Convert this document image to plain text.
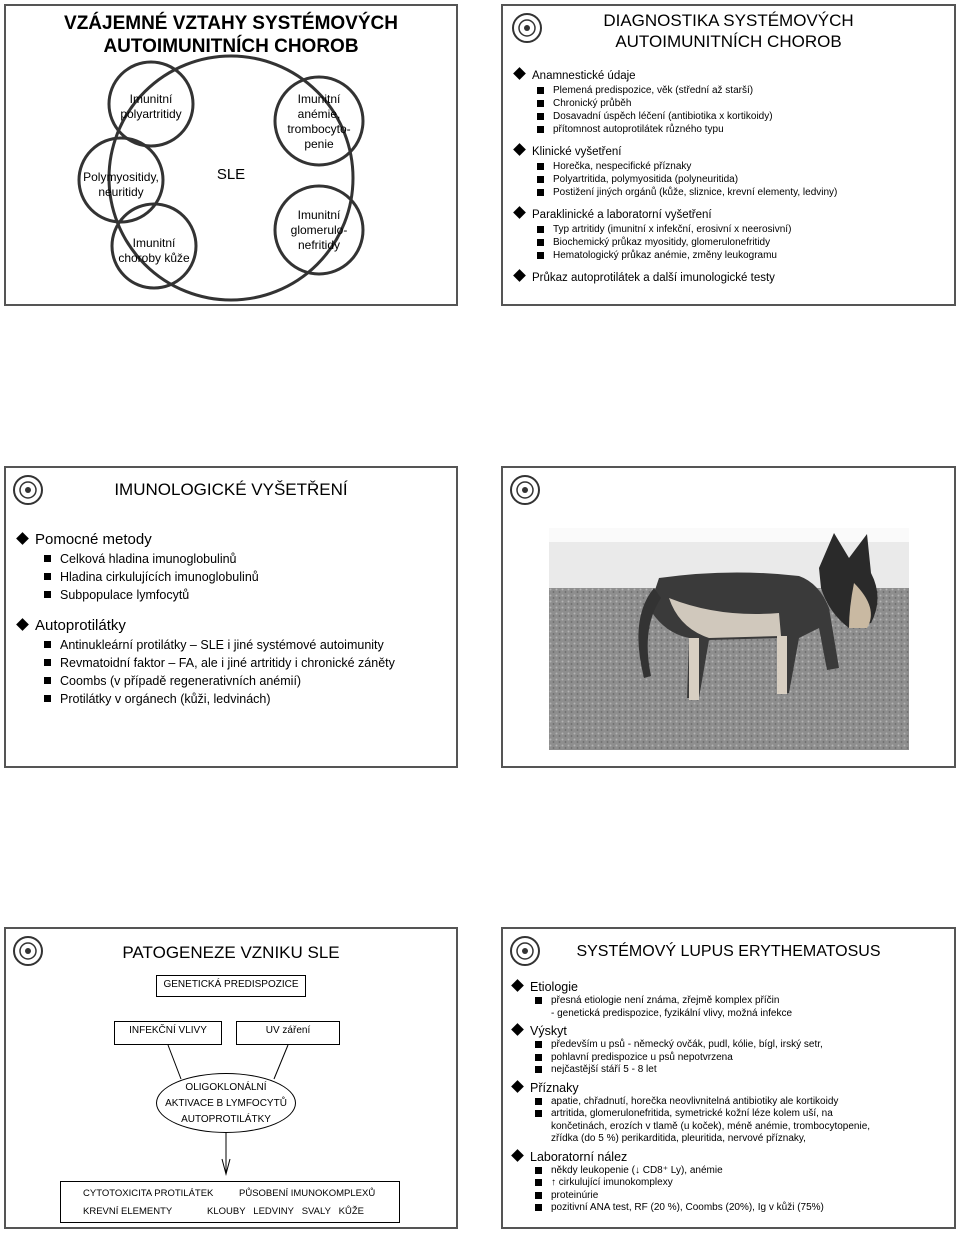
VZÁJEMNÉ VZTAHY SYSTÉMOVÝCH
AUTOIMUNITNÍCH CHOROB
SLE
Imunitní
polyartritidy
Polymyositidy,
neuritidy
Imunitní
choroby kůže
Imunitní
anémie,
trombocyto-
penie
Imunitní
glomerulo-
nefritidy
DIAGNOSTIKA SYSTÉMOVÝCH
AUTOIMUNITNÍCH CHOROB
Anamnestické údaje
Plemená predispozice, věk (střední až starší)
Chronický průběh
Dosavadní úspěch léčení (antibiotika x kortikoidy)
přítomnost autoprotilátek různého typu
Klinické vyšetření
Horečka, nespecifické příznaky
Polyartritida, polymyositida (polyneuritida)
Postižení jiných orgánů (kůže, sliznice, krevní elementy, ledviny)
Paraklinické a laboratorní vyšetření
Typ artritidy (imunitní x infekční, erosivní x neerosivní)
Biochemický průkaz myositidy, glomerulonefritidy
Hematologický průkaz anémie, změny leukogramu
Průkaz autoprotilátek a další imunologické testy
IMUNOLOGICKÉ VYŠETŘENÍ
Pomocné metody
Celková hladina imunoglobulinů
Hladina cirkulujících imunoglobulinů
Subpopulace lymfocytů
Autoprotilátky
Antinukleární protilátky – SLE i jiné systémové autoimunity
Revmatoidní faktor – FA, ale i jiné artritidy i chronické záněty
Coombs (v případě regenerativních anémií)
Protilátky v orgánech (kůži, ledvinách)
PATOGENEZE VZNIKU SLE
GENETICKÁ PREDISPOZICE
INFEKČNÍ VLIVY	UV záření
OLIGOKLONÁLNÍ
AKTIVACE B LYMFOCYTŮ
AUTOPROTILÁTKY
CYTOTOXICITA PROTILÁTEK	PŮSOBENÍ IMUNOKOMPLEXŮ
KREVNÍ ELEMENTY	KLOUBY   LEDVINY   SVALY   KŮŽE
SYSTÉMOVÝ LUPUS ERYTHEMATOSUS
Etiologie
přesná etiologie není známa, zřejmě komplex příčin
- genetická predispozice, fyzikální vlivy, možná infekce
Výskyt
především u psů - německý ovčák, pudl, kólie, bígl, irský setr,
pohlavní predispozice u psů nepotvrzena
nejčastější stáří 5 - 8 let
Příznaky
apatie, chřadnutí, horečka neovlivnitelná antibiotiky ale kortikoidy
artritida, glomerulonefritida, symetrické kožní léze kolem uší, na
končetinách, erozích v tlamě (u koček), méně anémie, trombocytopenie,
zřídka (do 5 %) perikarditida, pleuritida, nervové příznaky,
Laboratorní nález
někdy leukopenie (↓ CD8⁺ Ly), anémie
↑ cirkulující imunokomplexy
proteinúrie
pozitivní ANA test, RF (20 %), Coombs (20%), Ig v kůži (75%)
